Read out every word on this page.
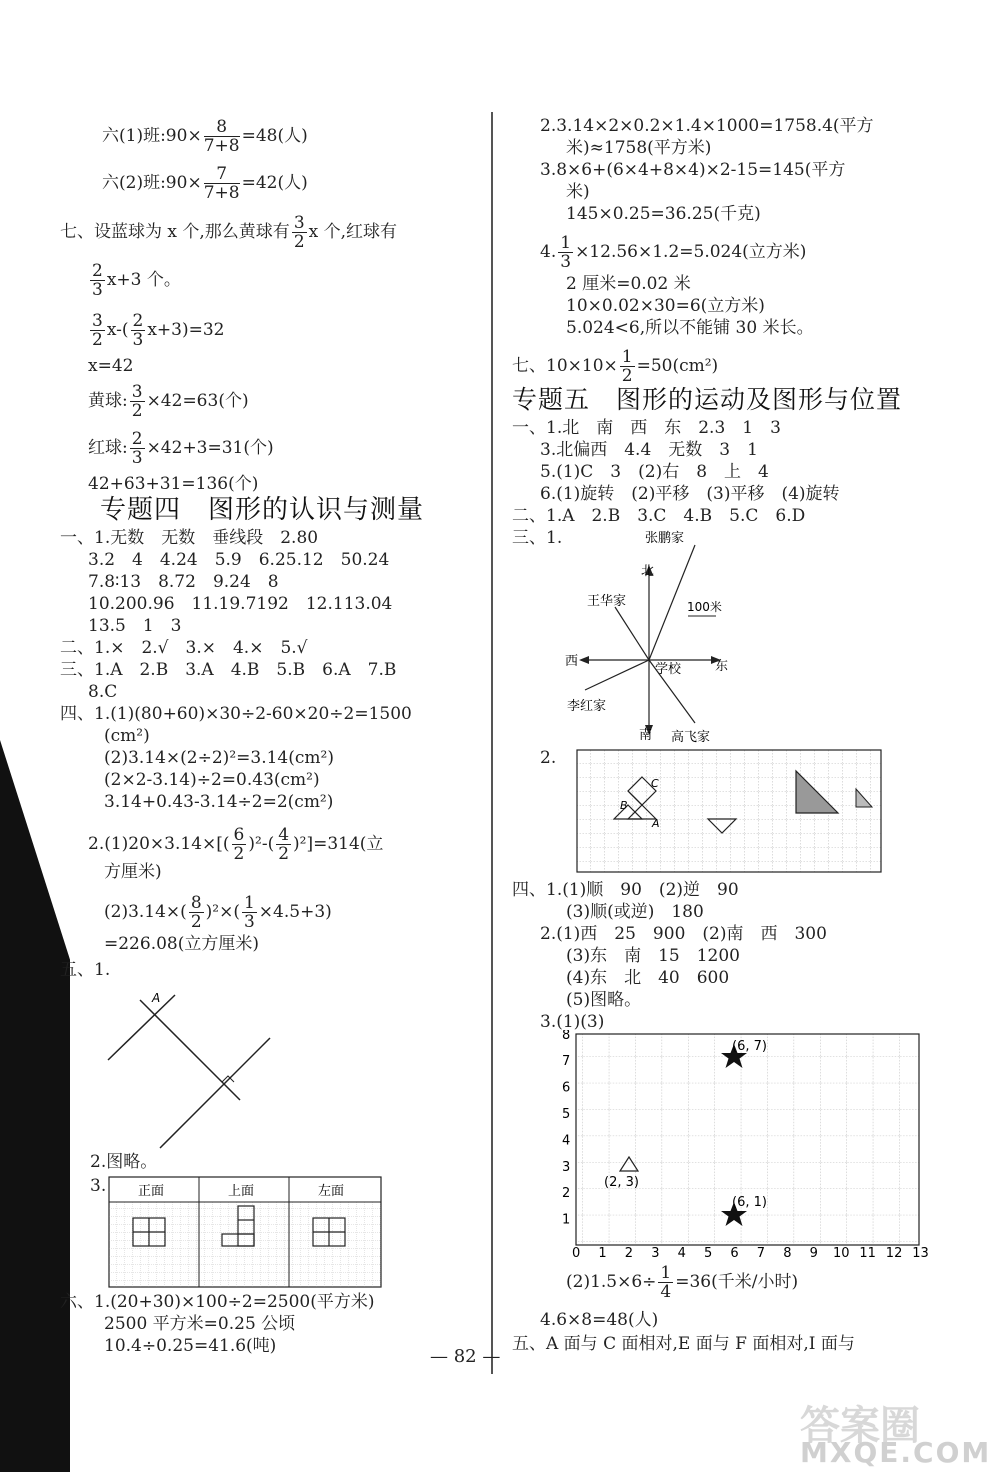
六(1)班:90× $\frac{8}{7+8} =48$(人)
六(2)班:90× $\frac{7}{7+8} =42$(人)
七、设蓝球为 x 个,那么黄球有 $\frac{3}{2}$ x 个,红球有
$\frac{2}{3} x+3$ 个。
$\frac{3}{2} x-( \frac{2}{3} x+3)=32$
x=42
黄球: $\frac{3}{2} \times 42=63$(个)
红球: $\frac{2}{3} \times 42+3=31$(个)
42+63+31=136(个)
专题四　图形的认识与测量
一、1.无数　无数　垂线段　2.80
3.2　4　4.24　5.9　6.25.12　50.24
7.8∶13　8.72　9.24　8
10.200.96　11.19.7192　12.113.04
13.5　1　3
二、1.×　2.√　3.×　4.×　5.√
三、1.A　2.B　3.A　4.B　5.B　6.A　7.B
8.C
四、1.(1)(80+60)×30÷2-60×20÷2=1500
(cm²)
(2)3.14×(2÷2)²=3.14(cm²)
(2×2-3.14)÷2=0.43(cm²)
3.14+0.43-3.14÷2=2(cm²)
$2.(1)20\times 3.14\times[( \frac{6}{2} )^2-( \frac{4}{2} )^2]=314$(立
方厘米)
$(2)3.14\times( \frac{8}{2} )^2\times( \frac{1}{3} \times 4.5+3)$
=226.08(立方厘米)
五、1.
A
2.图略。
3. 正面	上面	左面
六、1.(20+30)×100÷2=2500(平方米)
2500 平方米=0.25 公顷
10.4÷0.25=41.6(吨)
2.3.14×2×0.2×1.4×1000=1758.4(平方
米)≈1758(平方米)
3.8×6+(6×4+8×4)×2-15=145(平方
米)
145×0.25=36.25(千克)
4. $\frac{1}{3} \times 12.56\times 1.2=5.024$(立方米)
2 厘米=0.02 米
10×0.02×30=6(立方米)
5.024<6,所以不能铺 30 米长。
七、$10\times 10\times \frac{1}{2} =50(cm^2)$
专题五　图形的运动及图形与位置
一、1.北　南　西　东　2.3　1　3
3.北偏西　4.4　无数　3　1
5.(1)C　3　(2)右　8　上　4
6.(1)旋转　(2)平移　(3)平移　(4)旋转
二、1.A　2.B　3.C　4.B　5.C　6.D
三、1.	张鹏家
北
王华家	100米
西
学校	东
李红家
南 高飞家
2.
C
B
A
四、1.(1)顺　90　(2)逆　90
(3)顺(或逆)　180
2.(1)西　25　900　(2)南　西　300
(3)东　南　15　1200
(4)东　北　40　600
(5)图略。
3.(1)(3)
1
2
3
4
5
6
7
8
0 1 2 3 4 5 6 7 8 9 10 11 12 13
(6, 7)
(2, 3)
(6, 1)
$(2)1.5\times 6\div \frac{1}{4} =36$(千米/小时)
4.6×8=48(人)
五、A 面与 C 面相对,E 面与 F 面相对,I 面与
— 82 —
答案圈
MXQE.COM
